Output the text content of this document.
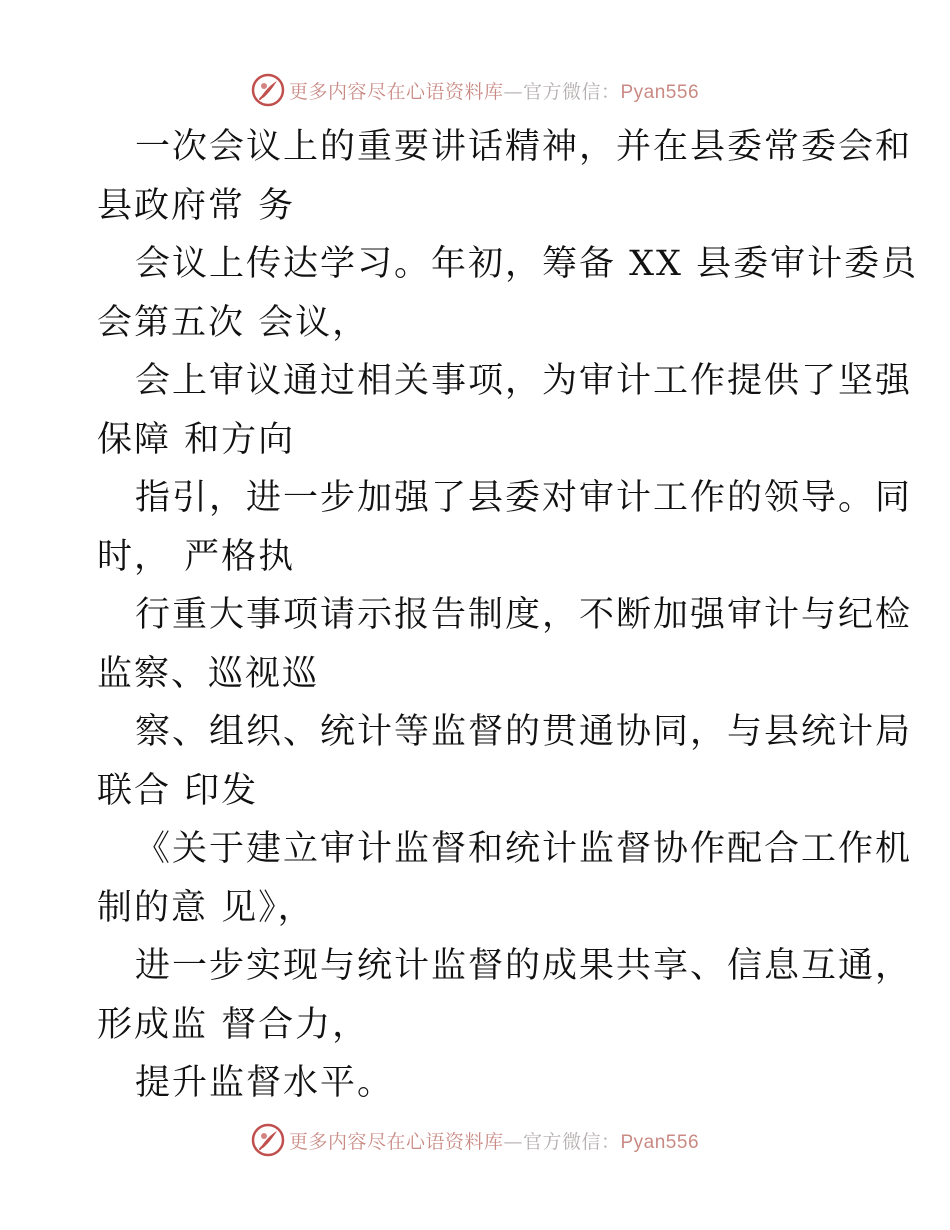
更多内容尽在心语资料库—官方微信：Pyan556
一次会议上的重要讲话精神，并在县委常委会和
县政府常 务
会议上传达学习。年初，筹备 XX 县委审计委员
会第五次 会议，
会上审议通过相关事项，为审计工作提供了坚强
保障 和方向
指引，进一步加强了县委对审计工作的领导。同
时， 严格执
行重大事项请示报告制度，不断加强审计与纪检
监察、巡视巡
察、组织、统计等监督的贯通协同，与县统计局
联合 印发
《关于建立审计监督和统计监督协作配合工作机
制的意 见》，
进一步实现与统计监督的成果共享、信息互通，
形成监 督合力，
提升监督水平。
更多内容尽在心语资料库—官方微信：Pyan556
